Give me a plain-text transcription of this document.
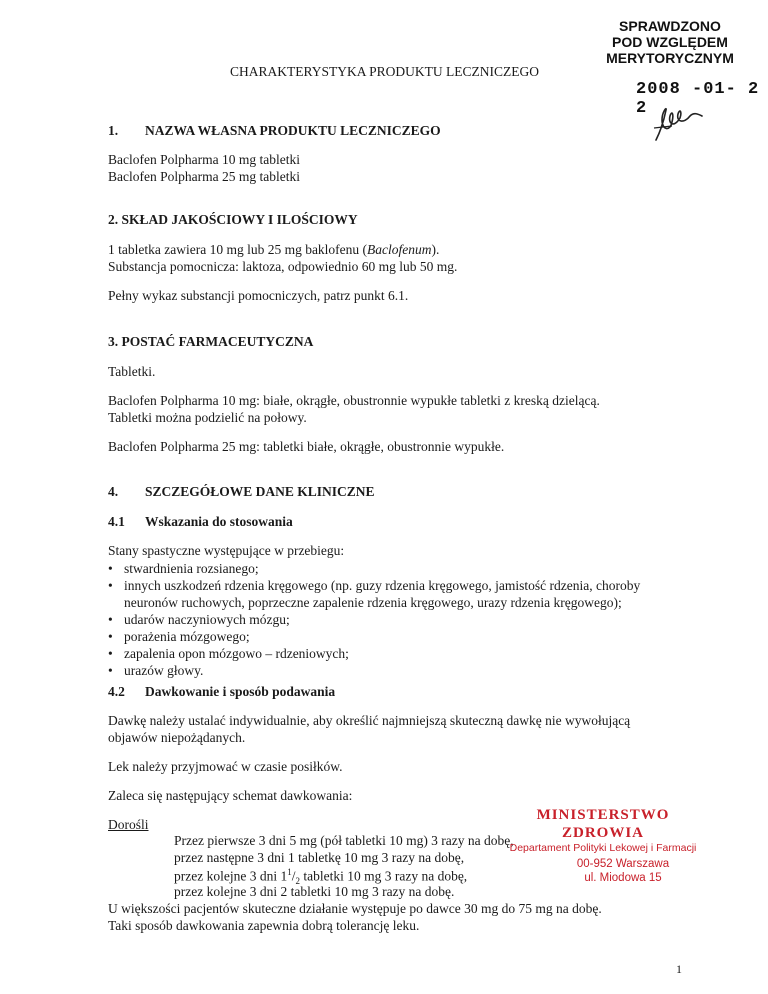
SPRAWDZONO
POD WZGLĘDEM
MERYTORYCZNYM
2008 -01- 2 2
CHARAKTERYSTYKA PRODUKTU LECZNICZEGO
1. NAZWA WŁASNA PRODUKTU LECZNICZEGO
Baclofen Polpharma 10 mg tabletki
Baclofen Polpharma 25 mg tabletki
2. SKŁAD JAKOŚCIOWY I ILOŚCIOWY
1 tabletka zawiera 10 mg lub 25 mg baklofenu (Baclofenum).
Substancja pomocnicza: laktoza, odpowiednio 60 mg lub 50 mg.
Pełny wykaz substancji pomocniczych, patrz punkt 6.1.
3. POSTAĆ FARMACEUTYCZNA
Tabletki.
Baclofen Polpharma 10 mg: białe, okrągłe, obustronnie wypukłe tabletki z kreską dzielącą.
Tabletki można podzielić na połowy.
Baclofen Polpharma 25 mg: tabletki białe, okrągłe, obustronnie wypukłe.
4. SZCZEGÓŁOWE DANE KLINICZNE
4.1 Wskazania do stosowania
Stany spastyczne występujące w przebiegu:
• stwardnienia rozsianego;
• innych uszkodzeń rdzenia kręgowego (np. guzy rdzenia kręgowego, jamistość rdzenia, choroby
neuronów ruchowych, poprzeczne zapalenie rdzenia kręgowego, urazy rdzenia kręgowego);
• udarów naczyniowych mózgu;
• porażenia mózgowego;
• zapalenia opon mózgowo – rdzeniowych;
• urazów głowy.
4.2 Dawkowanie i sposób podawania
Dawkę należy ustalać indywidualnie, aby określić najmniejszą skuteczną dawkę nie wywołującą
objawów niepożądanych.
Lek należy przyjmować w czasie posiłków.
Zaleca się następujący schemat dawkowania:
Dorośli
Przez pierwsze 3 dni 5 mg (pół tabletki 10 mg) 3 razy na dobę,
przez następne 3 dni 1 tabletkę 10 mg 3 razy na dobę,
przez kolejne 3 dni $1^1/_2$ tabletki 10 mg 3 razy na dobę,
przez kolejne 3 dni 2 tabletki 10 mg 3 razy na dobę.
U większości pacjentów skuteczne działanie występuje po dawce 30 mg do 75 mg na dobę.
Taki sposób dawkowania zapewnia dobrą tolerancję leku.
MINISTERSTWO ZDROWIA
Departament Polityki Lekowej i Farmacji
00-952 Warszawa
ul. Miodowa 15
1
